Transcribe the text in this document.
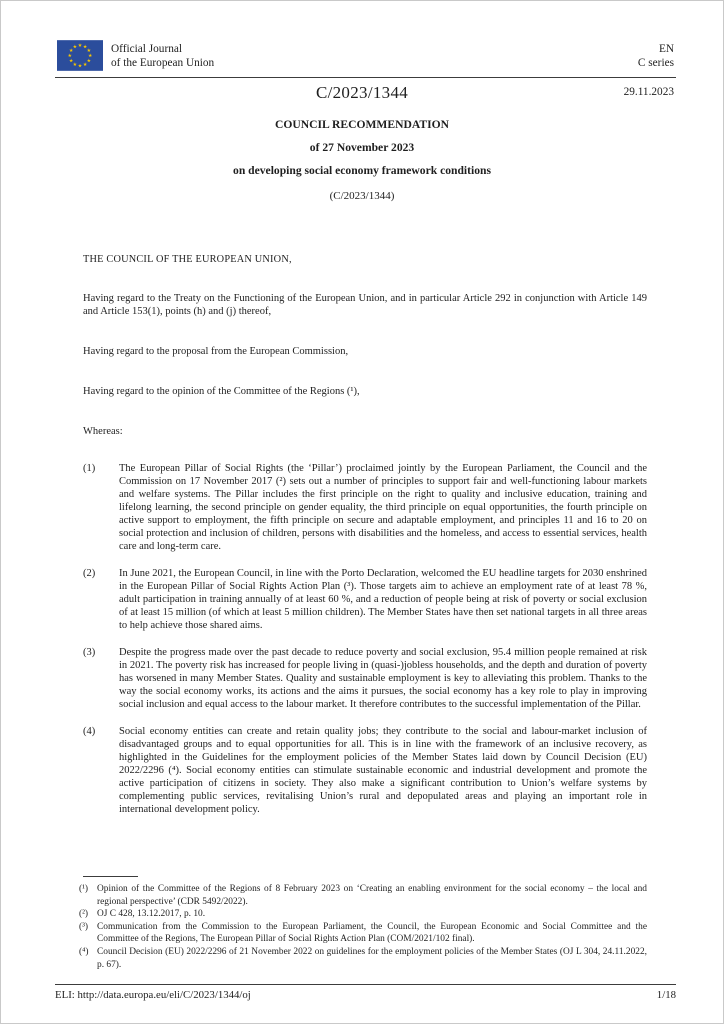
Official Journal
of the European Union
EN
C series
C/2023/1344	29.11.2023

COUNCIL RECOMMENDATION

of 27 November 2023

on developing social economy framework conditions

(C/2023/1344)

THE COUNCIL OF THE EUROPEAN UNION,

Having regard to the Treaty on the Functioning of the European Union, and in particular Article 292 in conjunction with Article 149 and Article 153(1), points (h) and (j) thereof,

Having regard to the proposal from the European Commission,

Having regard to the opinion of the Committee of the Regions (¹),

Whereas:

(1)	The European Pillar of Social Rights (the ‘Pillar’) proclaimed jointly by the European Parliament, the Council and the Commission on 17 November 2017 (²) sets out a number of principles to support fair and well-functioning labour markets and welfare systems. The Pillar includes the first principle on the right to quality and inclusive education, training and lifelong learning, the second principle on gender equality, the third principle on equal opportunities, the fourth principle on active support to employment, the fifth principle on secure and adaptable employment, and principles 11 and 16 to 20 on social protection and inclusion of children, persons with disabilities and the homeless, and access to essential services, health care and long-term care.
(2)	In June 2021, the European Council, in line with the Porto Declaration, welcomed the EU headline targets for 2030 enshrined in the European Pillar of Social Rights Action Plan (³). Those targets aim to achieve an employment rate of at least 78 %, adult participation in training annually of at least 60 %, and a reduction of people being at risk of poverty or social exclusion of at least 15 million (of which at least 5 million children). The Member States have then set national targets in all three areas to help achieve those shared aims.
(3)	Despite the progress made over the past decade to reduce poverty and social exclusion, 95.4 million people remained at risk in 2021. The poverty risk has increased for people living in (quasi-)jobless households, and the depth and duration of poverty has worsened in many Member States. Quality and sustainable employment is key to alleviating this problem. Thanks to the way the social economy works, its actions and the aims it pursues, the social economy has a key role to play in improving social inclusion and equal access to the labour market. It therefore contributes to the successful implementation of the Pillar.
(4)	Social economy entities can create and retain quality jobs; they contribute to the social and labour-market inclusion of disadvantaged groups and to equal opportunities for all. This is in line with the framework of an inclusive recovery, as highlighted in the Guidelines for the employment policies of the Member States laid down by Council Decision (EU) 2022/2296 (⁴). Social economy entities can stimulate sustainable economic and industrial development and promote the active participation of citizens in society. They also make a significant contribution to Union’s welfare systems by complementing public services, revitalising Union’s rural and depopulated areas and playing an important role in international development policy.
(¹) Opinion of the Committee of the Regions of 8 February 2023 on ‘Creating an enabling environment for the social economy – the local and regional perspective’ (CDR 5492/2022).
(²) OJ C 428, 13.12.2017, p. 10.
(³) Communication from the Commission to the European Parliament, the Council, the European Economic and Social Committee and the Committee of the Regions, The European Pillar of Social Rights Action Plan (COM/2021/102 final).
(⁴) Council Decision (EU) 2022/2296 of 21 November 2022 on guidelines for the employment policies of the Member States (OJ L 304, 24.11.2022, p. 67).
ELI: http://data.europa.eu/eli/C/2023/1344/oj	1/18
